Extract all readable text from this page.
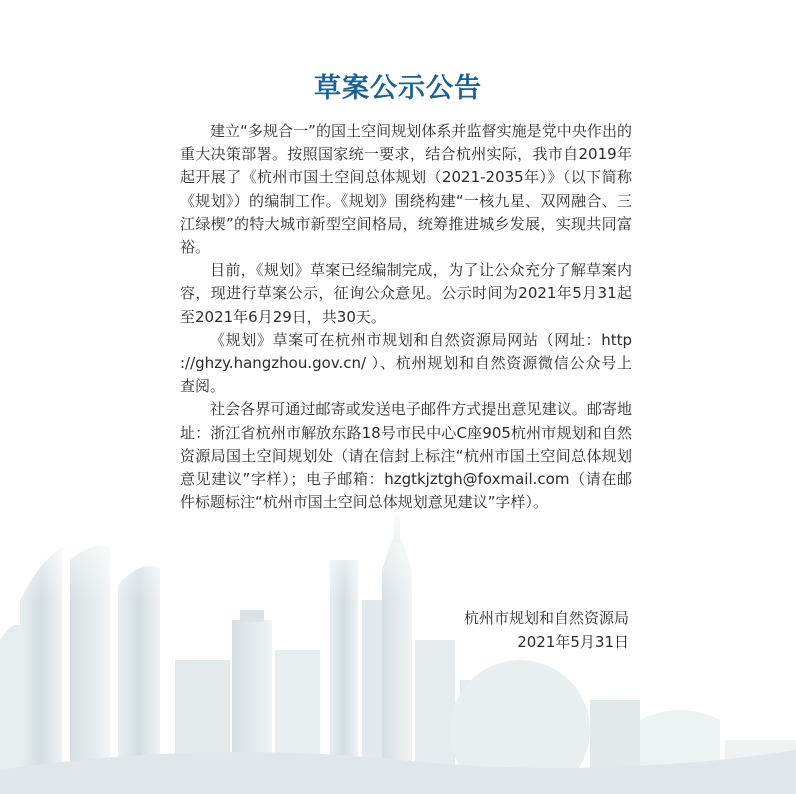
草案公示公告

建立“多规合一”的国土空间规划体系并监督实施是党中央作出的重大决策部署。按照国家统一要求，结合杭州实际，我市自2019年起开展了《杭州市国土空间总体规划（2021-2035年）》（以下简称《规划》）的编制工作。《规划》围绕构建“一核九星、双网融合、三江绿楔”的特大城市新型空间格局，统筹推进城乡发展，实现共同富裕。

目前，《规划》草案已经编制完成，为了让公众充分了解草案内容，现进行草案公示，征询公众意见。公示时间为2021年5月31起至2021年6月29日，共30天。

《规划》草案可在杭州市规划和自然资源局网站（网址：http ://ghzy.hangzhou.gov.cn/ ）、杭州规划和自然资源微信公众号上查阅。

社会各界可通过邮寄或发送电子邮件方式提出意见建议。邮寄地址：浙江省杭州市解放东路18号市民中心C座905杭州市规划和自然资源局国土空间规划处（请在信封上标注“杭州市国土空间总体规划意见建议”字样）；电子邮箱：hzgtkjztgh@foxmail.com（请在邮件标题标注“杭州市国土空间总体规划意见建议”字样）。

杭州市规划和自然资源局
2021年5月31日
